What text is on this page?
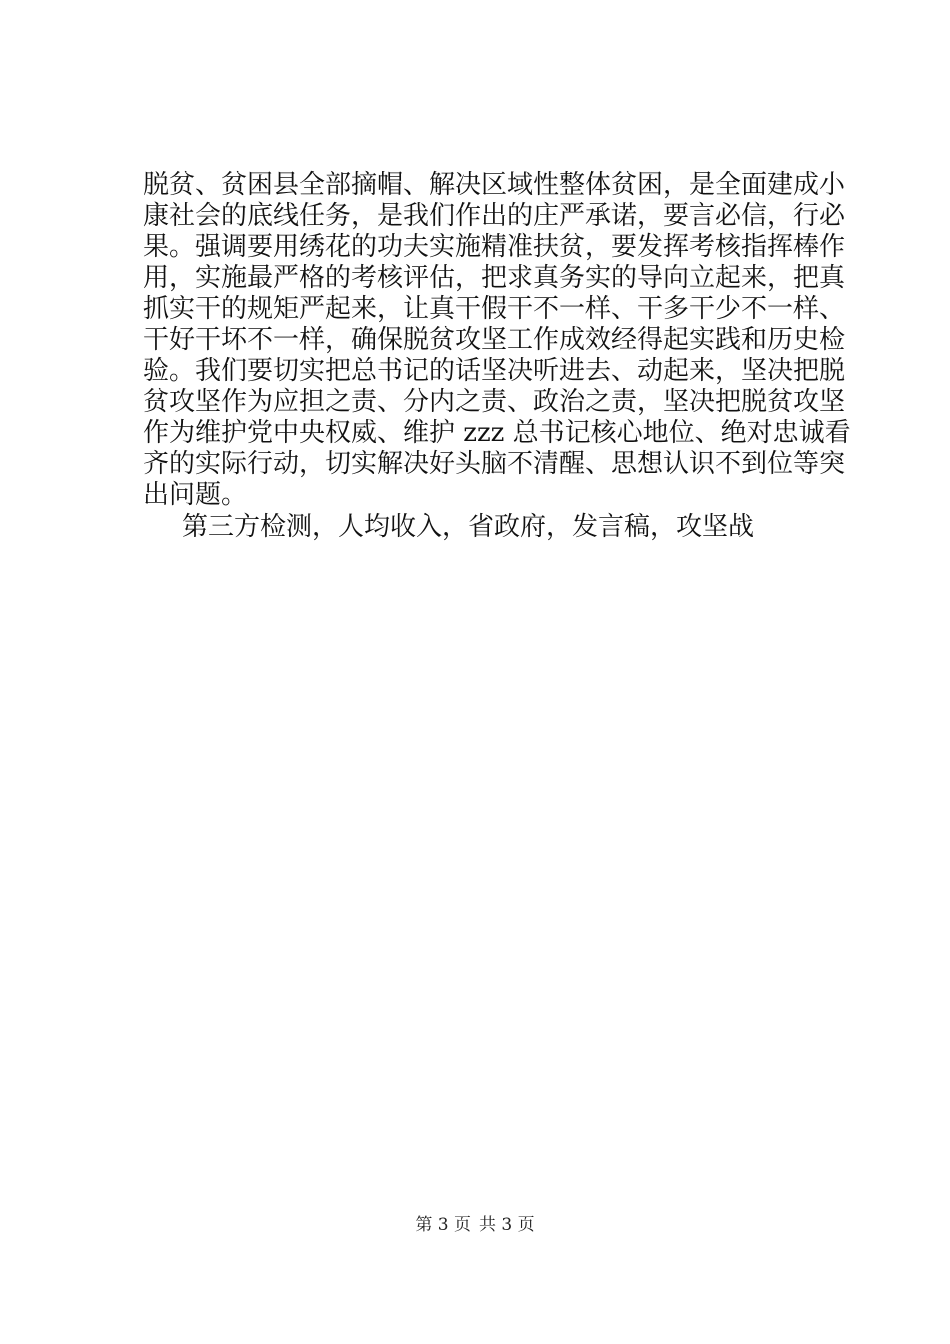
脱贫、贫困县全部摘帽、解决区域性整体贫困，是全面建成小
康社会的底线任务，是我们作出的庄严承诺，要言必信，行必
果。强调要用绣花的功夫实施精准扶贫，要发挥考核指挥棒作
用，实施最严格的考核评估，把求真务实的导向立起来，把真
抓实干的规矩严起来，让真干假干不一样、干多干少不一样、
干好干坏不一样，确保脱贫攻坚工作成效经得起实践和历史检
验。我们要切实把总书记的话坚决听进去、动起来，坚决把脱
贫攻坚作为应担之责、分内之责、政治之责，坚决把脱贫攻坚
作为维护党中央权威、维护 zzz 总书记核心地位、绝对忠诚看
齐的实际行动，切实解决好头脑不清醒、思想认识不到位等突
出问题。
第三方检测，人均收入，省政府，发言稿，攻坚战
第 3 页 共 3 页
